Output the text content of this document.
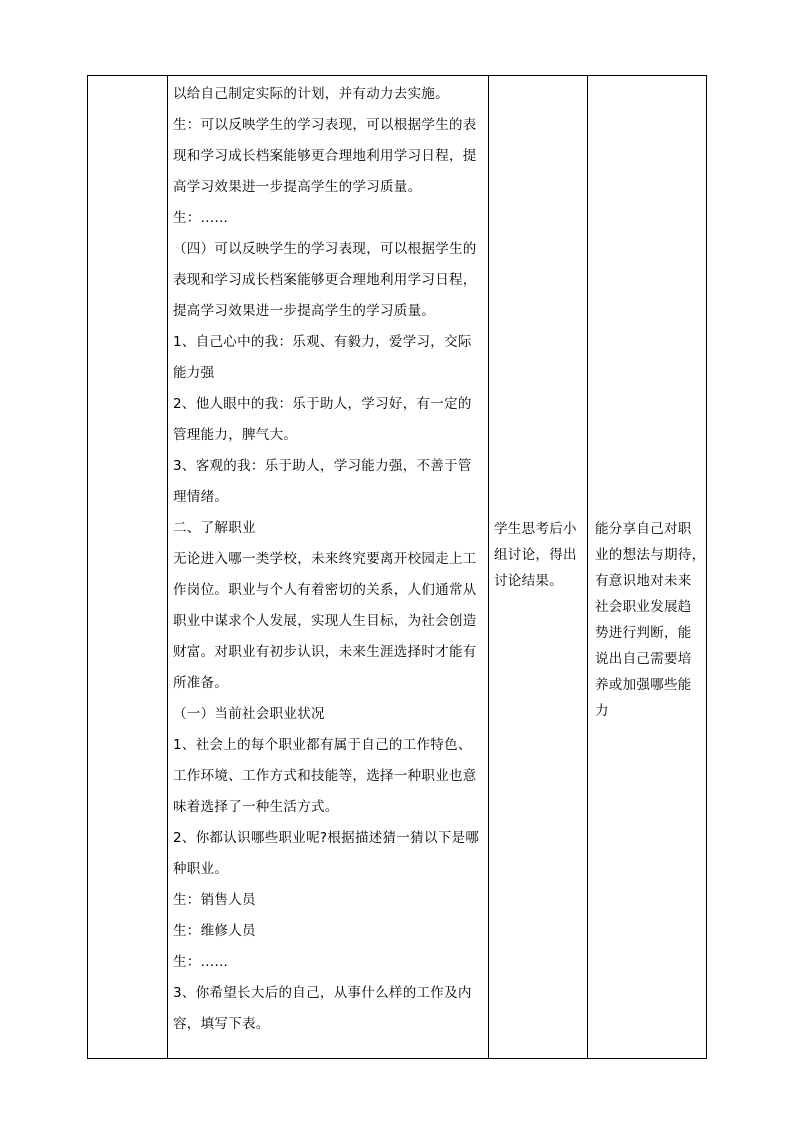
以给自己制定实际的计划，并有动力去实施。

生：可以反映学生的学习表现，可以根据学生的表

现和学习成长档案能够更合理地利用学习日程，提

高学习效果进一步提高学生的学习质量。

生：……

（四）可以反映学生的学习表现，可以根据学生的

表现和学习成长档案能够更合理地利用学习日程，

提高学习效果进一步提高学生的学习质量。

1、自己心中的我：乐观、有毅力，爱学习，交际

能力强

2、他人眼中的我：乐于助人，学习好，有一定的

管理能力，脾气大。

3、客观的我：乐于助人，学习能力强，不善于管

理情绪。

二、了解职业

无论进入哪一类学校，未来终究要离开校园走上工

作岗位。职业与个人有着密切的关系，人们通常从

职业中谋求个人发展，实现人生目标，为社会创造

财富。对职业有初步认识，未来生涯选择时才能有

所准备。

（一）当前社会职业状况

1、社会上的每个职业都有属于自己的工作特色、

工作环境、工作方式和技能等，选择一种职业也意

味着选择了一种生活方式。

2、你都认识哪些职业呢?根据描述猜一猜以下是哪

种职业。

生：销售人员

生：维修人员

生：……

3、你希望长大后的自己，从事什么样的工作及内

容，填写下表。

学生思考后小

组讨论，得出

讨论结果。

能分享自己对职

业的想法与期待，

有意识地对未来

社会职业发展趋

势进行判断，能

说出自己需要培

养或加强哪些能

力
